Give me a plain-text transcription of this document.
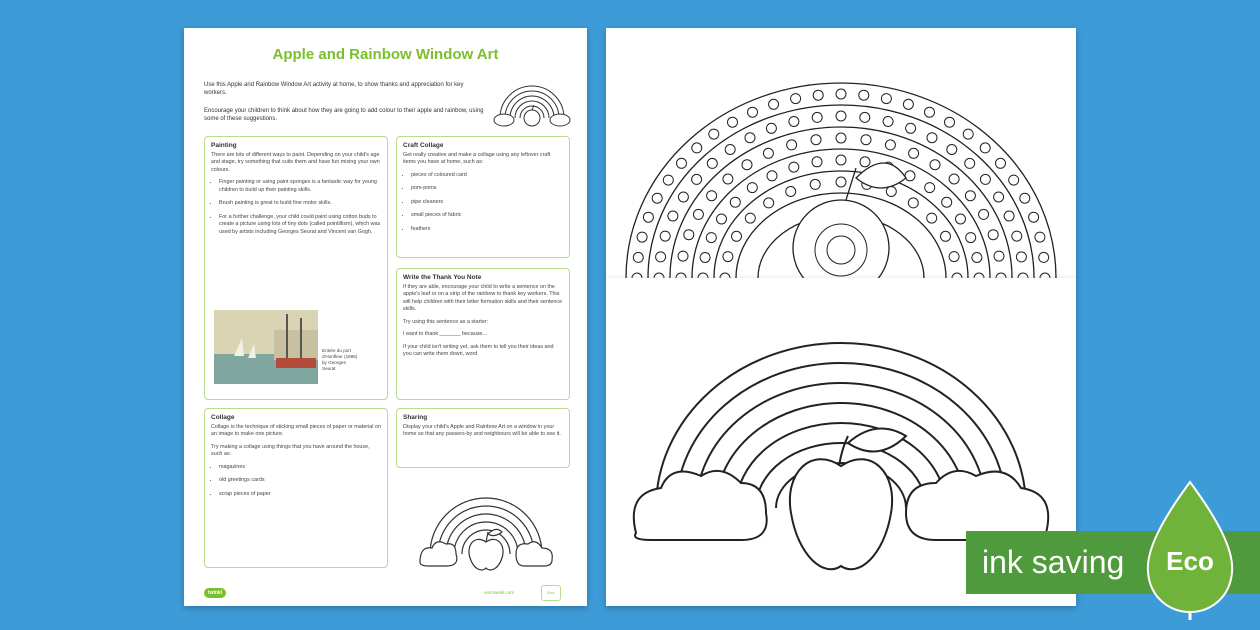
Apple and Rainbow Window Art
Use this Apple and Rainbow Window Art activity at home, to show thanks and appreciation for key workers.
Encourage your children to think about how they are going to add colour to their apple and rainbow, using some of these suggestions.
Painting

There are lots of different ways to paint. Depending on your child's age and stage, try something that suits them and have fun mixing your own colours.

• Finger painting or using paint sponges is a fantastic way for young children to build up their painting skills.
• Brush painting is great to build fine motor skills.
• For a further challenge, your child could paint using cotton buds to create a picture using lots of tiny dots (called pointillism), which was used by artists including Georges Seurat and Vincent van Gogh.
Entrée du port d'Honfleur (1886) by Georges Seurat
Craft Collage

Get really creative and make a collage using any leftover craft items you have at home, such as:

• pieces of coloured card
• pom-poms
• pipe cleaners
• small pieces of fabric
• feathers
Write the Thank You Note

If they are able, encourage your child to write a sentence on the apple's leaf or on a strip of the rainbow to thank key workers. This will help children with their letter formation skills and their sentence skills.

Try using this sentence as a starter:

I want to thank _______ because...

If your child isn't writing yet, ask them to tell you their ideas and you can write them down, word

Collage

Collage is the technique of sticking small pieces of paper or material on an image to make one picture.

Try making a collage using things that you have around the house, such as:

• magazines
• old greetings cards
• scrap pieces of paper
Sharing

Display your child's Apple and Rainbow Art on a window in your home so that any passers-by and neighbours will be able to see it.

twinkl	visit twinkl.com	Eco
ink saving Eco
